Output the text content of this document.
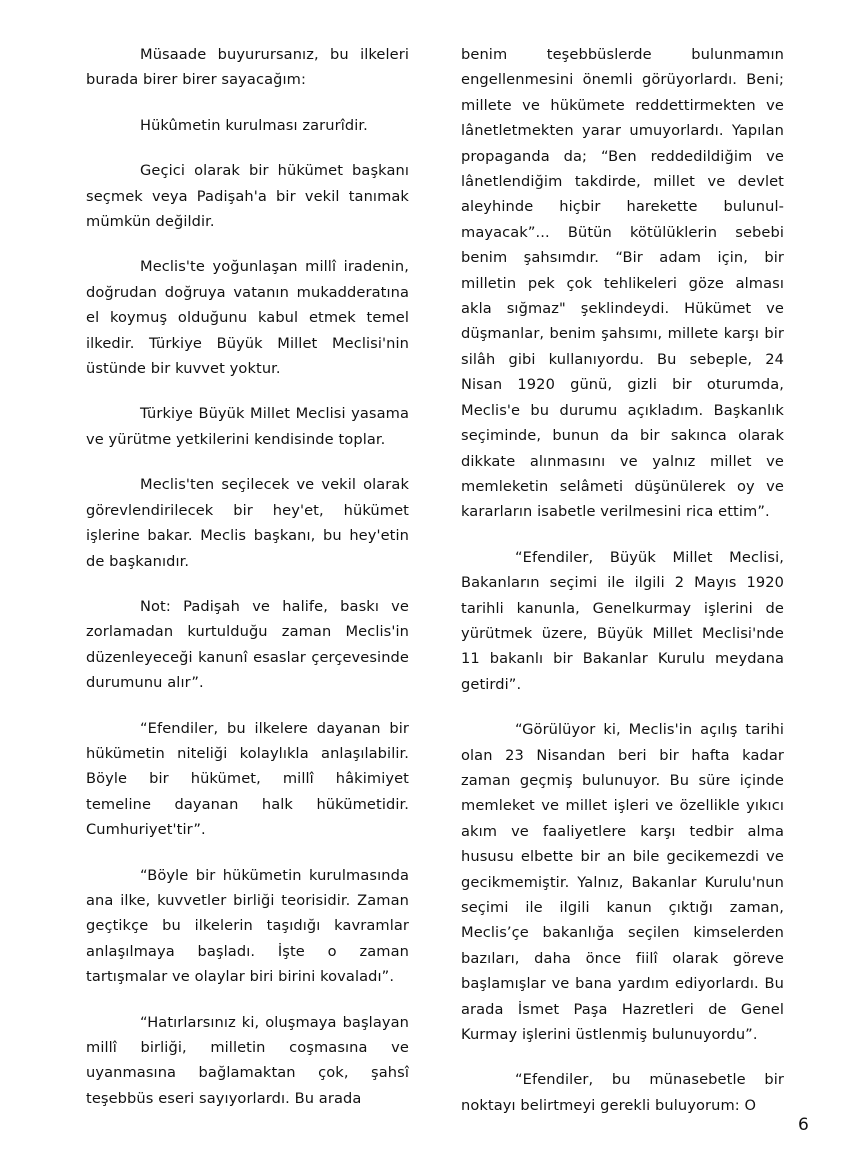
Müsaade buyurursanız, bu ilkeleri burada birer birer sayacağım:

Hükûmetin kurulması zarurîdir.

Geçici olarak bir hükümet başkanı seçmek veya Padişah'a bir vekil tanımak mümkün değildir.

Meclis'te yoğunlaşan millî iradenin, doğrudan doğruya vatanın mukadderatına el koymuş olduğunu kabul etmek temel ilkedir. Türkiye Büyük Millet Meclisi'nin üstünde bir kuvvet yoktur.

Türkiye Büyük Millet Meclisi yasama ve yürütme yetkilerini kendisinde toplar.

Meclis'ten seçilecek ve vekil olarak görevlendirilecek bir hey'et, hükümet işlerine bakar. Meclis başkanı, bu hey'etin de başkanıdır.

Not: Padişah ve halife, baskı ve zorlamadan kurtulduğu zaman Meclis'in düzenleyeceği kanunî esaslar çerçevesinde durumunu alır”.

“Efendiler, bu ilkelere dayanan bir hükümetin niteliği kolaylıkla anlaşılabilir. Böyle bir hükümet, millî hâkimiyet temeline dayanan halk hükümetidir. Cumhuriyet'tir”.

“Böyle bir hükümetin kurulmasında ana ilke, kuvvetler birliği teorisidir. Zaman geçtikçe bu ilkelerin taşıdığı kavramlar anlaşılmaya başladı. İşte o zaman tartışmalar ve olaylar biri birini kovaladı”.

“Hatırlarsınız ki, oluşmaya başlayan millî birliği, milletin coşmasına ve uyanmasına bağlamaktan çok, şahsî teşebbüs eseri sayıyorlardı. Bu arada

benim teşebbüslerde bulunmamın engellenmesini önemli görüyorlardı. Beni; millete ve hükümete reddettirmekten ve lânetletmekten yarar umuyorlardı. Yapılan propaganda da; “Ben reddedildiğim ve lânetlendiğim takdirde, millet ve devlet aleyhinde hiçbir harekette bulunul-mayacak”... Bütün kötülüklerin sebebi benim şahsımdır. “Bir adam için, bir milletin pek çok tehlikeleri göze alması akla sığmaz" şeklindeydi. Hükümet ve düşmanlar, benim şahsımı, millete karşı bir silâh gibi kullanıyordu. Bu sebeple, 24 Nisan 1920 günü, gizli bir oturumda, Meclis'e bu durumu açıkladım. Başkanlık seçiminde, bunun da bir sakınca olarak dikkate alınmasını ve yalnız millet ve memleketin selâmeti düşünülerek oy ve kararların isabetle verilmesini rica ettim”.

“Efendiler, Büyük Millet Meclisi, Bakanların seçimi ile ilgili 2 Mayıs 1920 tarihli kanunla, Genelkurmay işlerini de yürütmek üzere, Büyük Millet Meclisi'nde 11 bakanlı bir Bakanlar Kurulu meydana getirdi”.

“Görülüyor ki, Meclis'in açılış tarihi olan 23 Nisandan beri bir hafta kadar zaman geçmiş bulunuyor. Bu süre içinde memleket ve millet işleri ve özellikle yıkıcı akım ve faaliyetlere karşı tedbir alma hususu elbette bir an bile gecikemezdi ve gecikmemiştir. Yalnız, Bakanlar Kurulu'nun seçimi ile ilgili kanun çıktığı zaman, Meclis’çe bakanlığa seçilen kimselerden bazıları, daha önce fiilî olarak göreve başlamışlar ve bana yardım ediyorlardı. Bu arada İsmet Paşa Hazretleri de Genel Kurmay işlerini üstlenmiş bulunuyordu”.

“Efendiler, bu münasebetle bir noktayı belirtmeyi gerekli buluyorum: O

6
